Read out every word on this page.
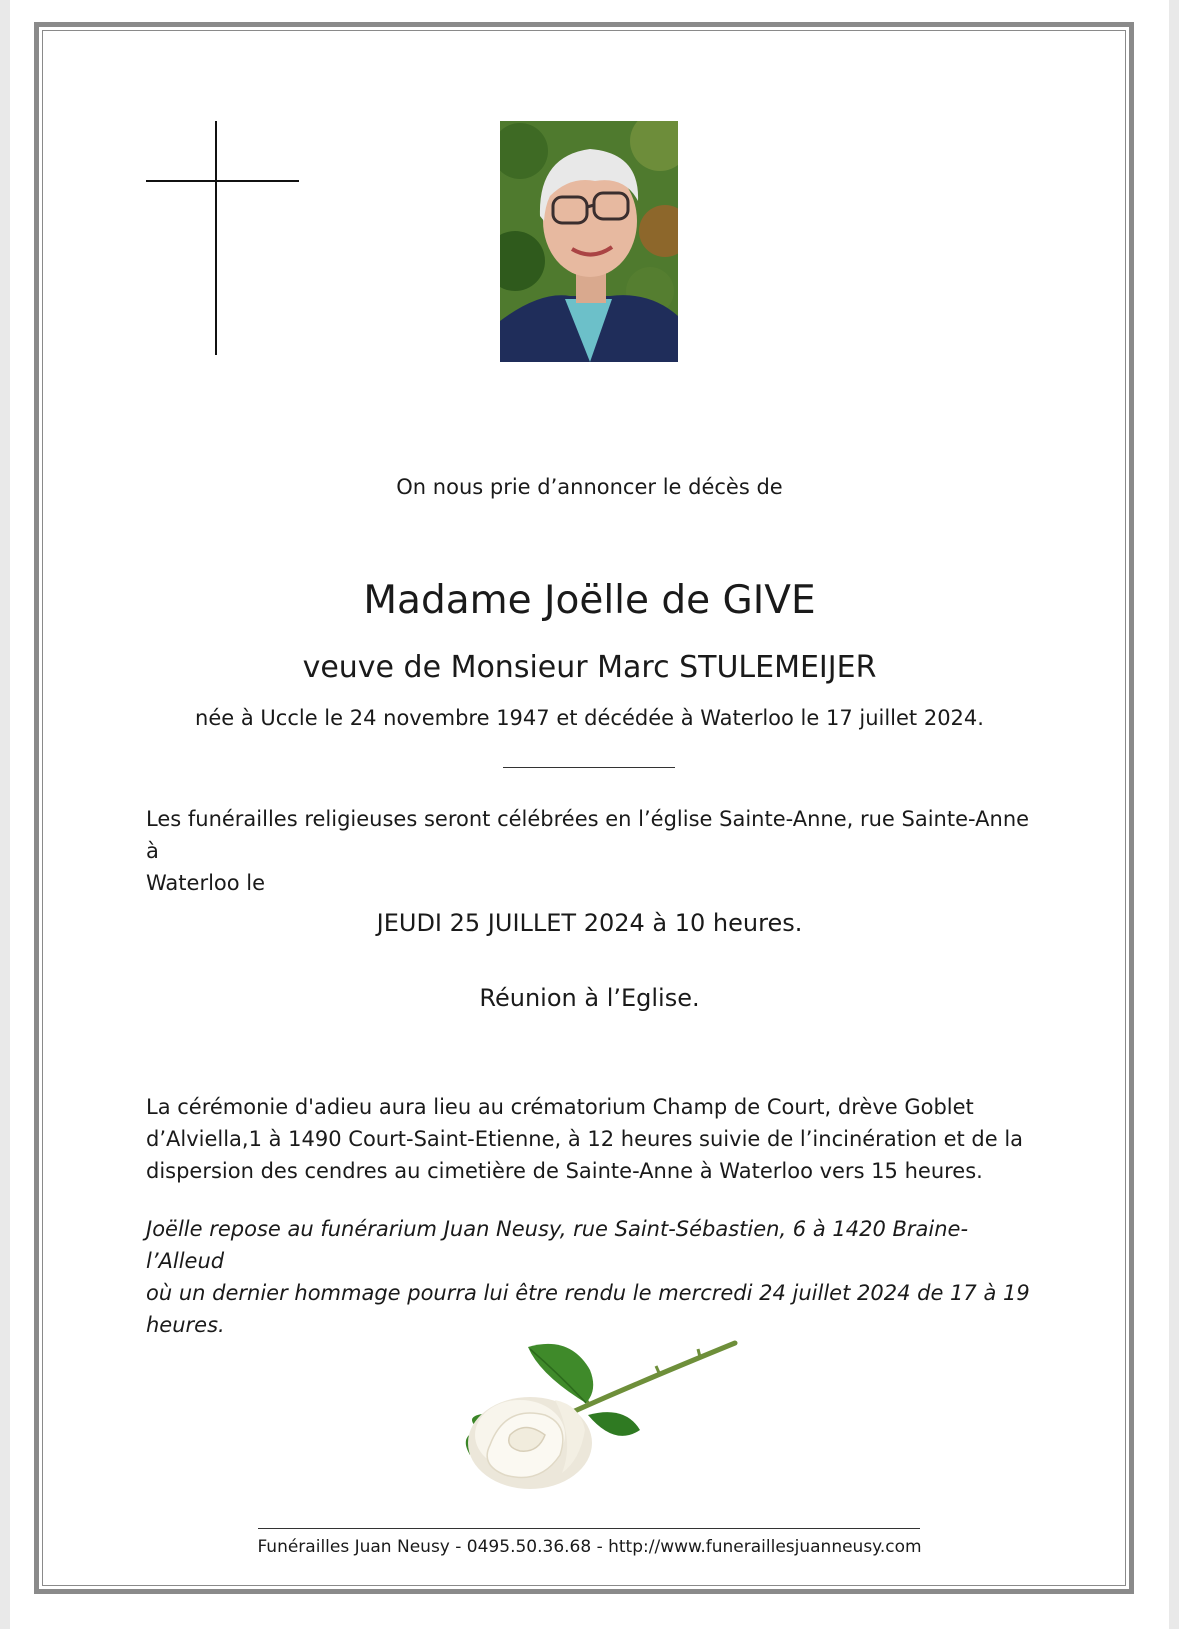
On nous prie d’annoncer le décès de
Madame Joëlle de GIVE
veuve de Monsieur Marc STULEMEIJER
née à Uccle le 24 novembre 1947 et décédée à Waterloo le 17 juillet 2024.
Les funérailles religieuses seront célébrées en l’église Sainte-Anne, rue Sainte-Anne à
Waterloo le
JEUDI 25 JUILLET 2024 à 10 heures.
Réunion à l’Eglise.
La cérémonie d'adieu aura lieu au crématorium Champ de Court, drève Goblet
d’Alviella,1 à 1490 Court-Saint-Etienne, à 12 heures suivie de l’incinération et de la
dispersion des cendres au cimetière de Sainte-Anne à Waterloo vers 15 heures.
Joëlle repose au funérarium Juan Neusy, rue Saint-Sébastien, 6 à 1420 Braine-l’Alleud
où un dernier hommage pourra lui être rendu le mercredi 24 juillet 2024 de 17 à 19
heures.
Funérailles Juan Neusy - 0495.50.36.68 - http://www.funeraillesjuanneusy.com
